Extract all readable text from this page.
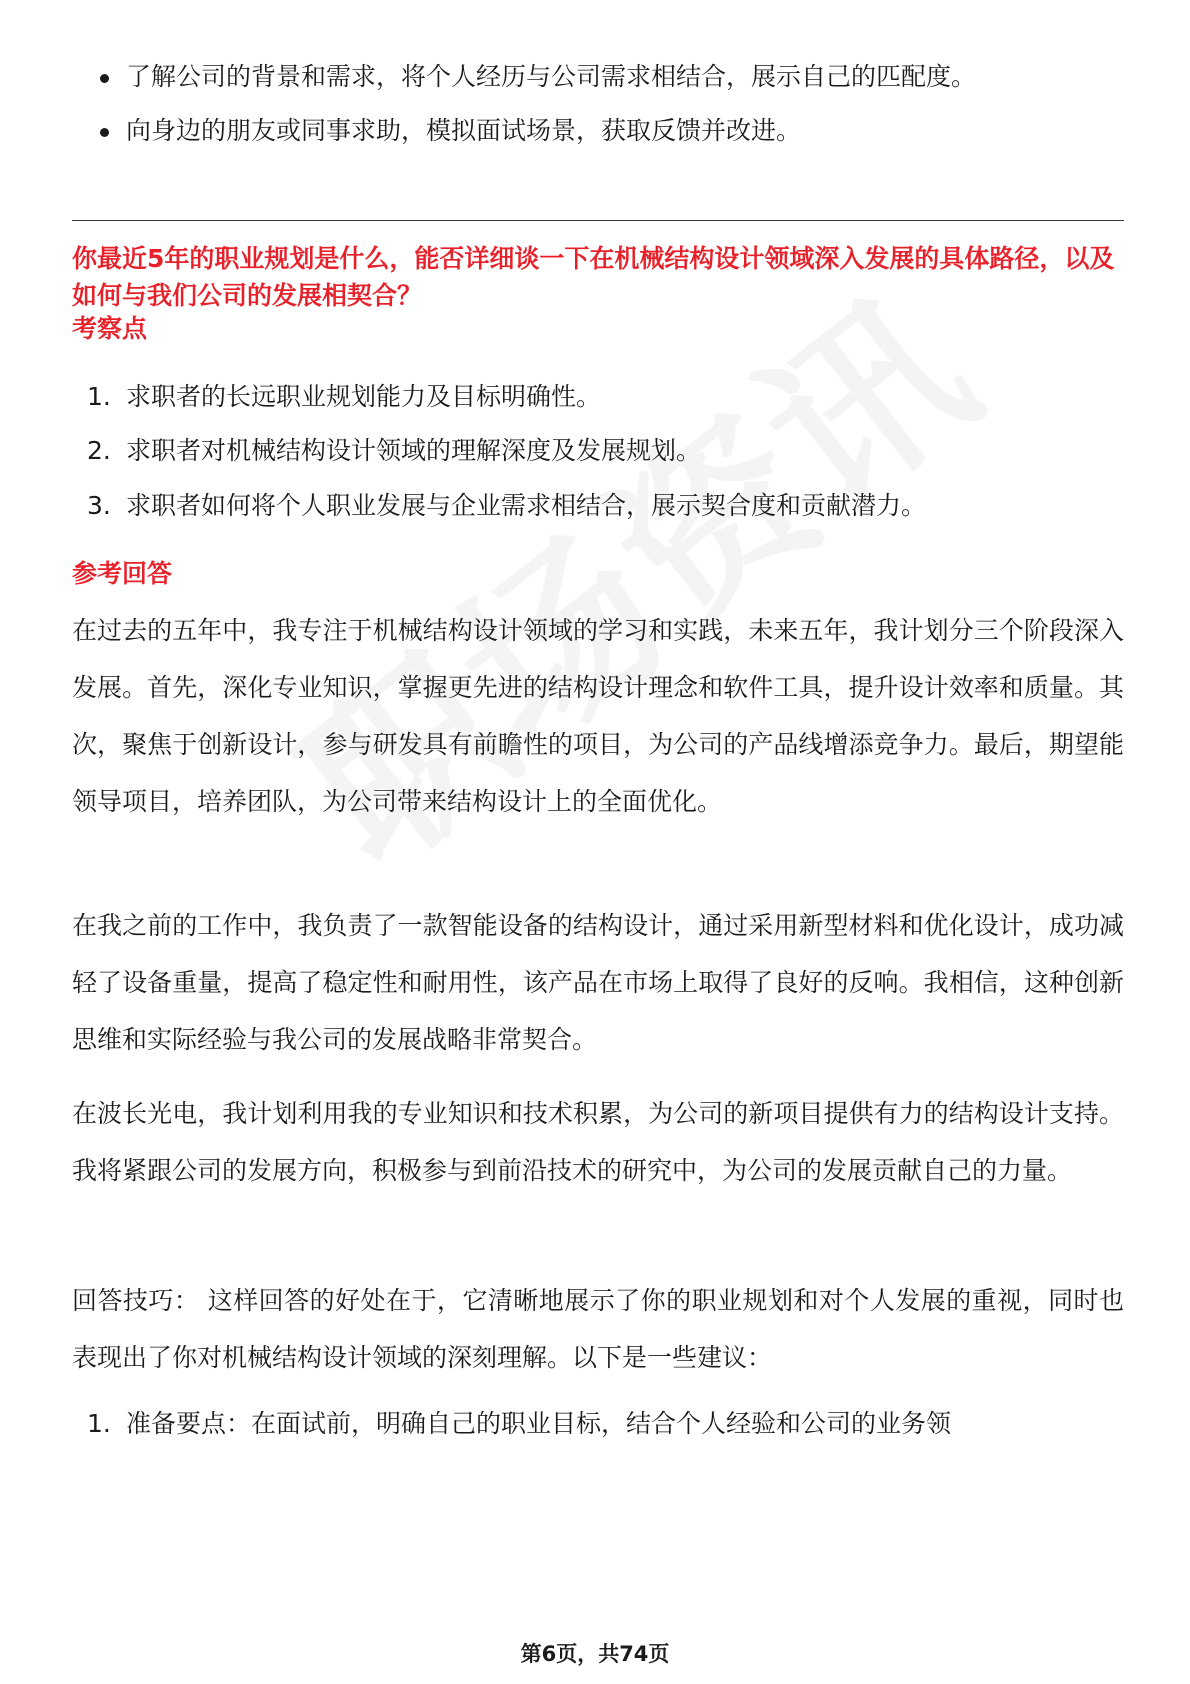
了解公司的背景和需求，将个人经历与公司需求相结合，展示自己的匹配度。
向身边的朋友或同事求助，模拟面试场景，获取反馈并改进。
你最近5年的职业规划是什么，能否详细谈一下在机械结构设计领域深入发展的具体路径，以及如何与我们公司的发展相契合？
考察点
1. 求职者的长远职业规划能力及目标明确性。
2. 求职者对机械结构设计领域的理解深度及发展规划。
3. 求职者如何将个人职业发展与企业需求相结合，展示契合度和贡献潜力。
参考回答

在过去的五年中，我专注于机械结构设计领域的学习和实践，未来五年，我计划分三个阶段深入发展。首先，深化专业知识，掌握更先进的结构设计理念和软件工具，提升设计效率和质量。其次，聚焦于创新设计，参与研发具有前瞻性的项目，为公司的产品线增添竞争力。最后，期望能领导项目，培养团队，为公司带来结构设计上的全面优化。

在我之前的工作中，我负责了一款智能设备的结构设计，通过采用新型材料和优化设计，成功减轻了设备重量，提高了稳定性和耐用性，该产品在市场上取得了良好的反响。我相信，这种创新思维和实际经验与我公司的发展战略非常契合。

在波长光电，我计划利用我的专业知识和技术积累，为公司的新项目提供有力的结构设计支持。我将紧跟公司的发展方向，积极参与到前沿技术的研究中，为公司的发展贡献自己的力量。

回答技巧： 这样回答的好处在于，它清晰地展示了你的职业规划和对个人发展的重视，同时也表现出了你对机械结构设计领域的深刻理解。以下是一些建议：

1. 准备要点：在面试前，明确自己的职业目标，结合个人经验和公司的业务领
第6页，共74页
